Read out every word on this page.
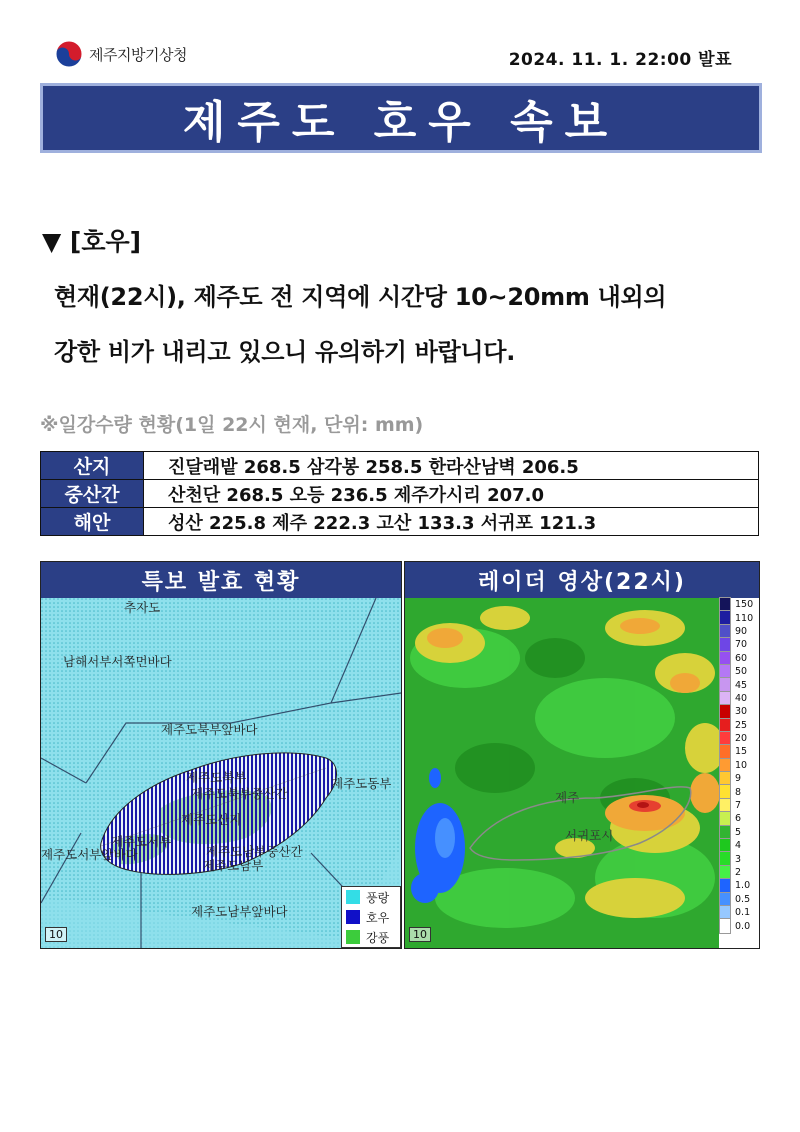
제주지방기상청	2024. 11. 1. 22:00 발표
제주도 호우 속보
▼ [호우]
현재(22시), 제주도 전 지역에 시간당 10~20mm 내외의
강한 비가 내리고 있으니 유의하기 바랍니다.
※일강수량 현황(1일 22시 현재, 단위: mm)
산지	진달래밭 268.5 삼각봉 258.5 한라산남벽 206.5
중산간	산천단 268.5 오등 236.5 제주가시리 207.0
해안	성산 225.8 제주 222.3 고산 133.3 서귀포 121.3
특보 발효 현황
추자도
남해서부서쪽먼바다
제주도북부앞바다
제주도북부
제주도북부중산간
제주도동부
제주도산지
제주도서부
제주도서부앞바다	제주도남부중산간
제주도남부
제주도남부앞바다
10
풍랑
호우
강풍
레이더 영상(22시)
제주
서귀포시
10
150
110
90
70
60
50
45
40
30
25
20
15
10
9
8
7
6
5
4
3
2
1.0
0.5
0.1
0.0
